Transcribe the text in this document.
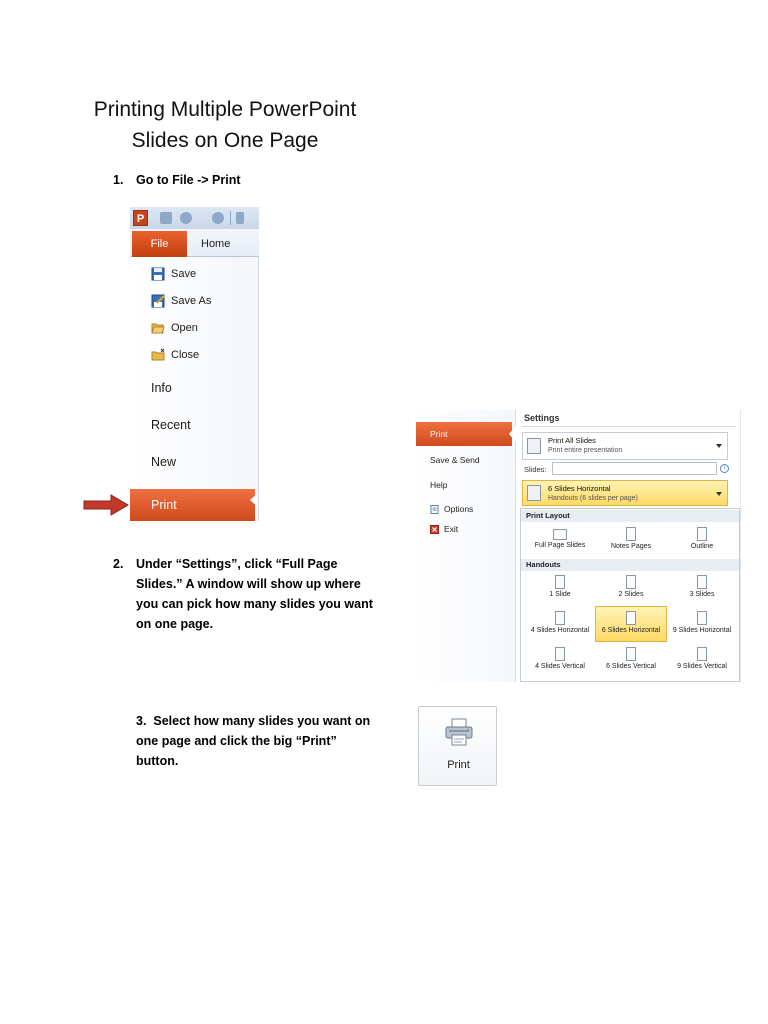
Printing Multiple PowerPoint
Slides on One Page
1. Go to File -> Print
P
File	Home
Save
Save As
Open
Close
Info
Recent
New
Print
2. Under “Settings”, click “Full Page
Slides.” A window will show up where
you can pick how many slides you want
on one page.
Print
Save & Send
Help
Options
Exit
Settings
Print All Slides
Print entire presentation
Slides:	i
6 Slides Horizontal
Handouts (6 slides per page)
Print Layout
Full Page Slides	Notes Pages	Outline
Handouts
1 Slide	2 Slides	3 Slides
4 Slides Horizontal	6 Slides Horizontal	9 Slides Horizontal
4 Slides Vertical	6 Slides Vertical	9 Slides Vertical
3. Select how many slides you want on
one page and click the big “Print”
button.	Print
